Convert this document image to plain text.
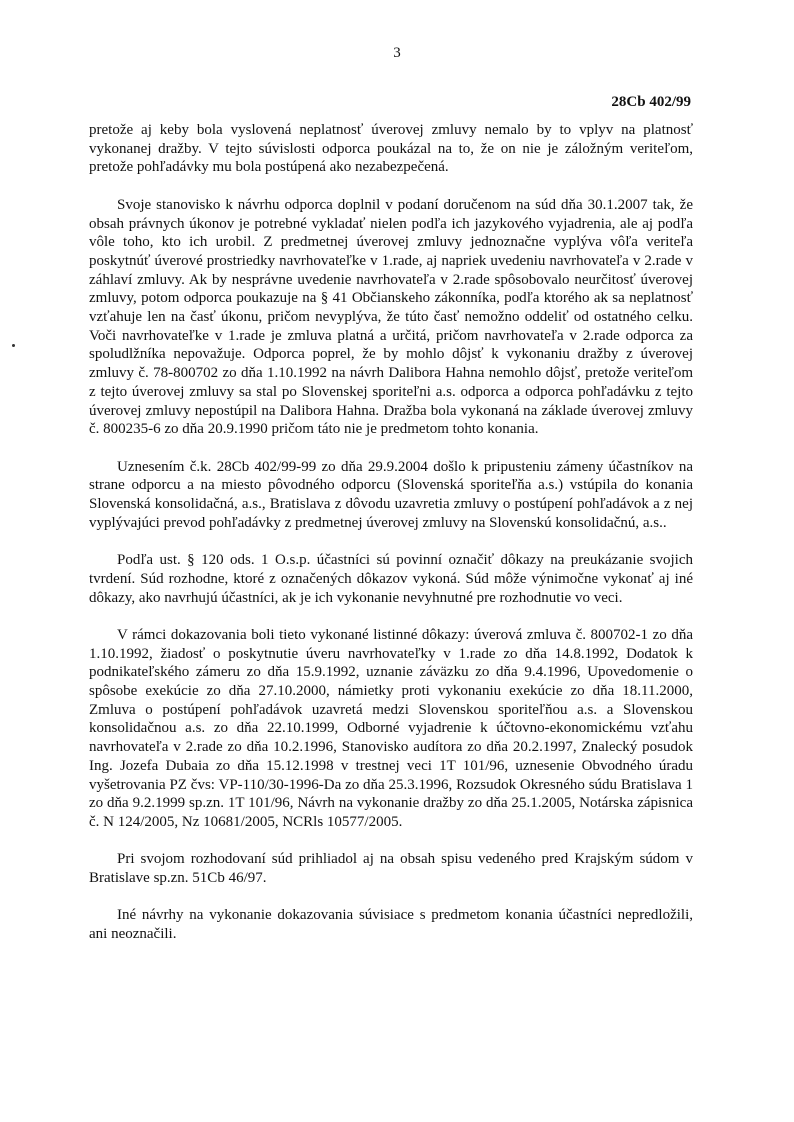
3
28Cb 402/99

pretože aj keby bola vyslovená neplatnosť úverovej zmluvy nemalo by to vplyv na platnosť vykonanej dražby. V tejto súvislosti odporca poukázal na to, že on nie je záložným veriteľom, pretože pohľadávky mu bola postúpená ako nezabezpečená.

Svoje stanovisko k návrhu odporca doplnil v podaní doručenom na súd dňa 30.1.2007 tak, že obsah právnych úkonov je potrebné vykladať nielen podľa ich jazykového vyjadrenia, ale aj podľa vôle toho, kto ich urobil. Z predmetnej úverovej zmluvy jednoznačne vyplýva vôľa veriteľa poskytnúť úverové prostriedky navrhovateľke v 1.rade, aj napriek uvedeniu navrhovateľa v 2.rade v záhlaví zmluvy. Ak by nesprávne uvedenie navrhovateľa v 2.rade spôsobovalo neurčitosť úverovej zmluvy, potom odporca poukazuje na § 41 Občianskeho zákonníka, podľa ktorého ak sa neplatnosť vzťahuje len na časť úkonu, pričom nevyplýva, že túto časť nemožno oddeliť od ostatného celku. Voči navrhovateľke v 1.rade je zmluva platná a určitá, pričom navrhovateľa v 2.rade odporca za spoludlžníka nepovažuje. Odporca poprel, že by mohlo dôjsť k vykonaniu dražby z úverovej zmluvy č. 78-800702 zo dňa 1.10.1992 na návrh Dalibora Hahna nemohlo dôjsť, pretože veriteľom z tejto úverovej zmluvy sa stal po Slovenskej sporiteľni a.s. odporca a odporca pohľadávku z tejto úverovej zmluvy nepostúpil na Dalibora Hahna. Dražba bola vykonaná na základe úverovej zmluvy č. 800235-6 zo dňa 20.9.1990 pričom táto nie je predmetom tohto konania.

Uznesením č.k. 28Cb 402/99-99 zo dňa 29.9.2004 došlo k pripusteniu zámeny účastníkov na strane odporcu a na miesto pôvodného odporcu (Slovenská sporiteľňa a.s.) vstúpila do konania Slovenská konsolidačná, a.s., Bratislava z dôvodu uzavretia zmluvy o postúpení pohľadávok a z nej vyplývajúci prevod pohľadávky z predmetnej úverovej zmluvy na Slovenskú konsolidačnú, a.s..

Podľa ust. § 120 ods. 1 O.s.p. účastníci sú povinní označiť dôkazy na preukázanie svojich tvrdení. Súd rozhodne, ktoré z označených dôkazov vykoná. Súd môže výnimočne vykonať aj iné dôkazy, ako navrhujú účastníci, ak je ich vykonanie nevyhnutné pre rozhodnutie vo veci.

V rámci dokazovania boli tieto vykonané listinné dôkazy: úverová zmluva č. 800702-1 zo dňa 1.10.1992, žiadosť o poskytnutie úveru navrhovateľky v 1.rade zo dňa 14.8.1992, Dodatok k podnikateľského zámeru zo dňa 15.9.1992, uznanie záväzku zo dňa 9.4.1996, Upovedomenie o spôsobe exekúcie zo dňa 27.10.2000, námietky proti vykonaniu exekúcie zo dňa 18.11.2000, Zmluva o postúpení pohľadávok uzavretá medzi Slovenskou sporiteľňou a.s. a Slovenskou konsolidačnou a.s. zo dňa 22.10.1999, Odborné vyjadrenie k účtovno-ekonomickému vzťahu navrhovateľa v 2.rade zo dňa 10.2.1996, Stanovisko audítora zo dňa 20.2.1997, Znalecký posudok Ing. Jozefa Dubaia zo dňa 15.12.1998 v trestnej veci 1T 101/96, uznesenie Obvodného úradu vyšetrovania PZ čvs: VP-110/30-1996-Da zo dňa 25.3.1996, Rozsudok Okresného súdu Bratislava 1 zo dňa 9.2.1999 sp.zn. 1T 101/96, Návrh na vykonanie dražby zo dňa 25.1.2005, Notárska zápisnica č. N 124/2005, Nz 10681/2005, NCRls 10577/2005.

Pri svojom rozhodovaní súd prihliadol aj na obsah spisu vedeného pred Krajským súdom v Bratislave sp.zn. 51Cb 46/97.

Iné návrhy na vykonanie dokazovania súvisiace s predmetom konania účastníci nepredložili, ani neoznačili.
